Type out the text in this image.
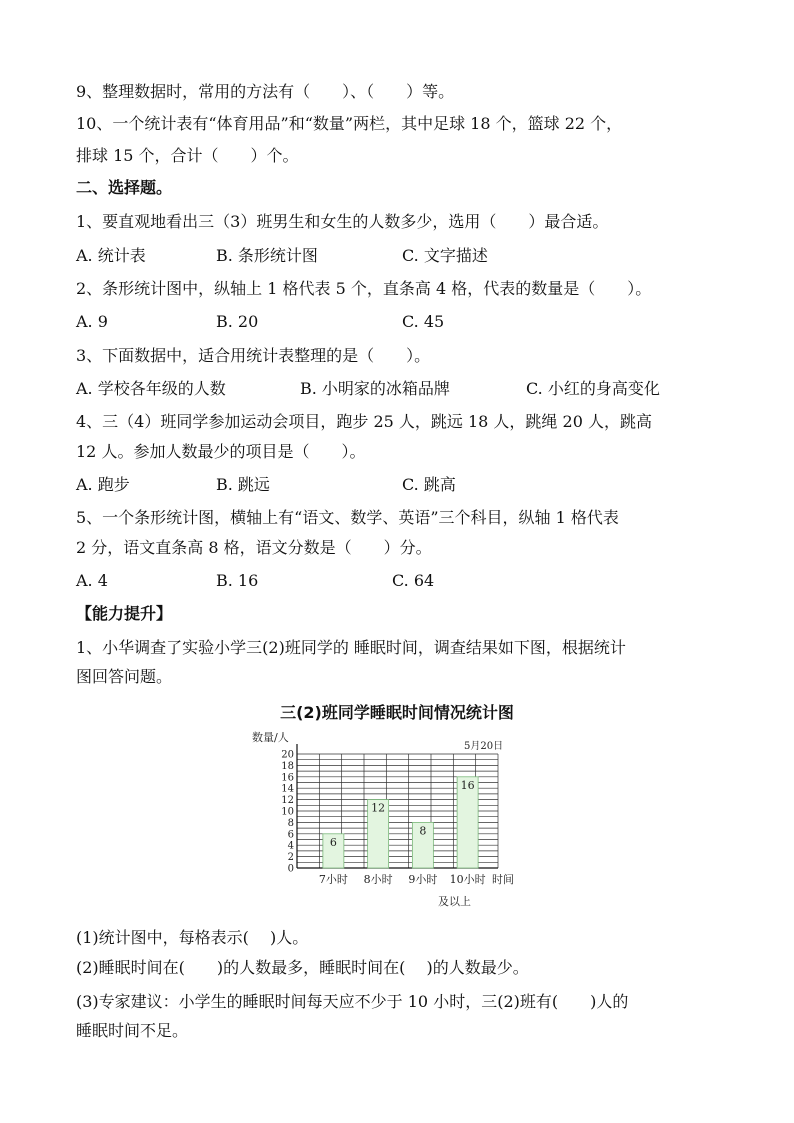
9、整理数据时，常用的方法有（　　）、（　　）等。
10、一个统计表有“体育用品”和“数量”两栏，其中足球 18 个，篮球 22 个，
排球 15 个，合计（　　）个。
二、选择题。
1、要直观地看出三（3）班男生和女生的人数多少，选用（　　）最合适。
A. 统计表	B. 条形统计图	C. 文字描述
2、条形统计图中，纵轴上 1 格代表 5 个，直条高 4 格，代表的数量是（　　）。
A. 9	B. 20	C. 45
3、下面数据中，适合用统计表整理的是（　　）。
A. 学校各年级的人数	B. 小明家的冰箱品牌	C. 小红的身高变化
4、三（4）班同学参加运动会项目，跑步 25 人，跳远 18 人，跳绳 20 人，跳高
12 人。参加人数最少的项目是（　　）。
A. 跑步	B. 跳远	C. 跳高
5、一个条形统计图，横轴上有“语文、数学、英语”三个科目，纵轴 1 格代表
2 分，语文直条高 8 格，语文分数是（　　）分。
A. 4	B. 16	C. 64
【能力提升】
1、小华调查了实验小学三(2)班同学的 睡眠时间，调查结果如下图，根据统计
图回答问题。
三(2)班同学睡眠时间情况统计图
数量/人
5月20日
6
12
8
16
0
2
4
6
8
10
12
14
16
18
20
7小时 8小时 9小时 10小时 时间
及以上
(1)统计图中，每格表示(　 )人。
(2)睡眠时间在(　　)的人数最多，睡眠时间在(　 )的人数最少。
(3)专家建议：小学生的睡眠时间每天应不少于 10 小时，三(2)班有(　　)人的
睡眠时间不足。
